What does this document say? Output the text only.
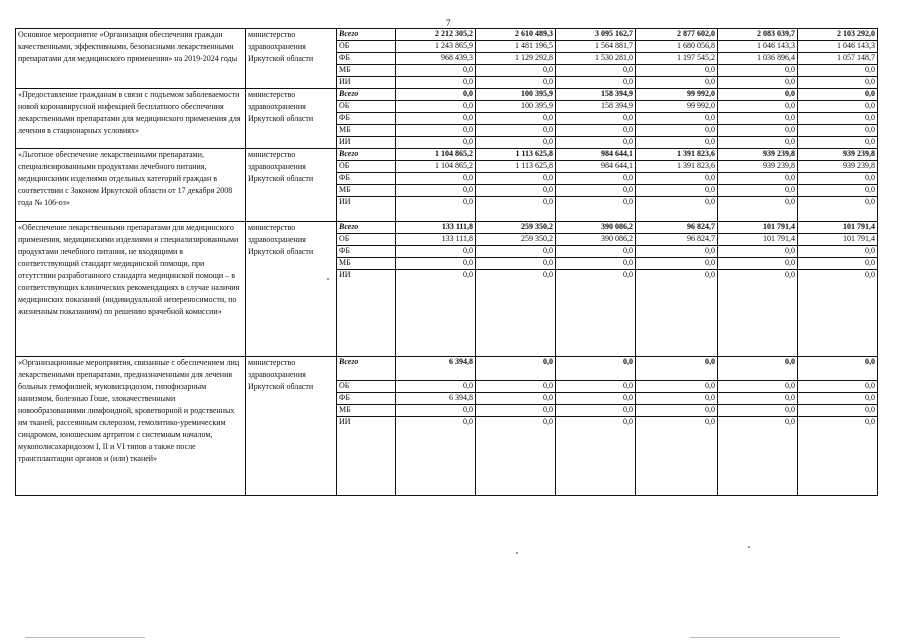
7
Основное мероприятие «Организация обеспечения граждан качественными, эффективными, безопасными лекарственными препаратами для медицинского применения» на 2019-2024 годы	министерство здравоохранения Иркутской области	Всего	2 212 305,2	2 610 489,3	3 095 162,7	2 877 602,0	2 083 039,7	2 103 292,0
		ОБ	1 243 865,9	1 481 196,5	1 564 881,7	1 680 056,8	1 046 143,3	1 046 143,3
		ФБ	968 439,3	1 129 292,8	1 530 281,0	1 197 545,2	1 036 896,4	1 057 148,7
		МБ	0,0	0,0	0,0	0,0	0,0	0,0
		ИИ	0,0	0,0	0,0	0,0	0,0	0,0
«Предоставление гражданам в связи с подъемом заболеваемости новой коронавирусной инфекцией бесплатного обеспечения лекарственными препаратами для медицинского применения для лечения в стационарных условиях»	министерство здравоохранения Иркутской области	Всего	0,0	100 395,9	158 394,9	99 992,0	0,0	0,0
		ОБ	0,0	100 395,9	158 394,9	99 992,0	0,0	0,0
		ФБ	0,0	0,0	0,0	0,0	0,0	0,0
		МБ	0,0	0,0	0,0	0,0	0,0	0,0
		ИИ	0,0	0,0	0,0	0,0	0,0	0,0
«Льготное обеспечение лекарственными препаратами, специализированными продуктами лечебного питания, медицинскими изделиями отдельных категорий граждан в соответствии с Законом Иркутской области от 17 декабря 2008 года № 106-оз»	министерство здравоохранения Иркутской области	Всего	1 104 865,2	1 113 625,8	984 644,1	1 391 823,6	939 239,8	939 239,8
		ОБ	1 104 865,2	1 113 625,8	984 644,1	1 391 823,6	939 239,8	939 239,8
		ФБ	0,0	0,0	0,0	0,0	0,0	0,0
		МБ	0,0	0,0	0,0	0,0	0,0	0,0
		ИИ	0,0	0,0	0,0	0,0	0,0	0,0
«Обеспечение лекарственными препаратами для медицинского применения, медицинскими изделиями и специализированными продуктами лечебного питания, не входящими в соответствующий стандарт медицинской помощи, при отсутствии разработанного стандарта медицинской помощи – в соответствующих клинических рекомендациях в случае наличия медицинских показаний (индивидуальной непереносимости, по жизненным показаниям) по решению врачебной комиссии»	министерство здравоохранения Иркутской области	Всего	133 111,8	259 350,2	390 086,2	96 824,7	101 791,4	101 791,4
		ОБ	133 111,8	259 350,2	390 086,2	96 824,7	101 791,4	101 791,4
		ФБ	0,0	0,0	0,0	0,0	0,0	0,0
		МБ	0,0	0,0	0,0	0,0	0,0	0,0
		ИИ	0,0	0,0	0,0	0,0	0,0	0,0
«Организационные мероприятия, связанные с обеспечением лиц лекарственными препаратами, предназначенными для лечения больных гемофилией, муковисцидозом, гипофизарным нанизмом, болезнью Гоше, злокачественными новообразованиями лимфоидной, кроветворной и родственных им тканей, рассеянным склерозом, гемолитико-уремическим синдромом, юношеским артритом с системным началом, мукополисахаридозом I, II и VI типов а также после трансплантации органов и (или) тканей»	министерство здравоохранения Иркутской области	Всего	6 394,8	0,0	0,0	0,0	0,0	0,0
		ОБ	0,0	0,0	0,0	0,0	0,0	0,0
		ФБ	6 394,8	0,0	0,0	0,0	0,0	0,0
		МБ	0,0	0,0	0,0	0,0	0,0	0,0
		ИИ	0,0	0,0	0,0	0,0	0,0	0,0
